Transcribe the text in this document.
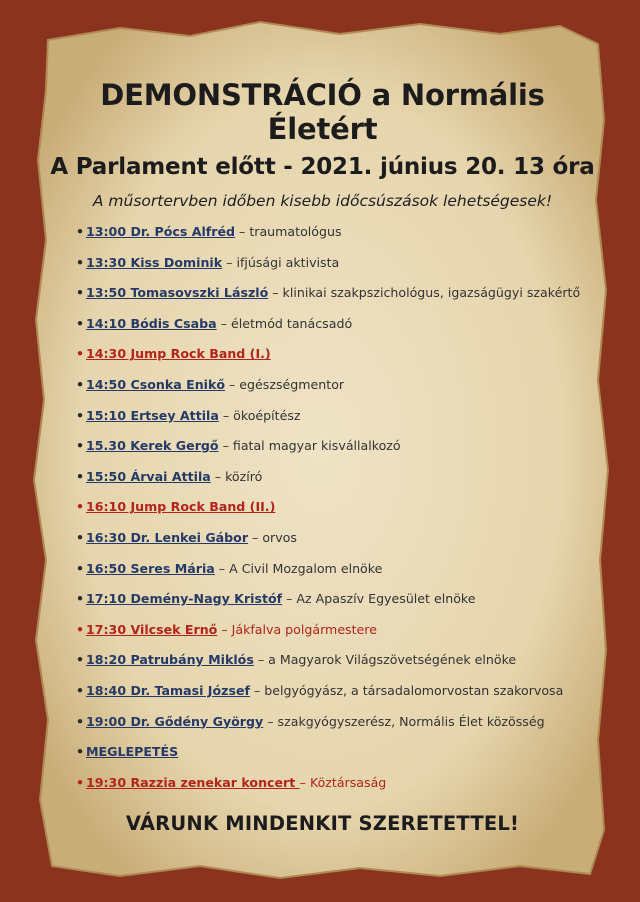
DEMONSTRÁCIÓ a Normális Életért
A Parlament előtt - 2021. június 20. 13 óra
A műsortervben időben kisebb időcsúszások lehetségesek!
• 13:00 Dr. Pócs Alfréd – traumatológus
• 13:30 Kiss Dominik – ifjúsági aktivista
• 13:50 Tomasovszki László – klinikai szakpszichológus, igazságügyi szakértő
• 14:10 Bódis Csaba – életmód tanácsadó
• 14:30 Jump Rock Band (I.)
• 14:50 Csonka Enikő – egészségmentor
• 15:10 Ertsey Attila – ökoépítész
• 15.30 Kerek Gergő – fiatal magyar kisvállalkozó
• 15:50 Árvai Attila – közíró
• 16:10 Jump Rock Band (II.)
• 16:30 Dr. Lenkei Gábor – orvos
• 16:50 Seres Mária – A Civil Mozgalom elnöke
• 17:10 Demény-Nagy Kristóf – Az Apaszív Egyesület elnöke
• 17:30 Vilcsek Ernő – Jákfalva polgármestere
• 18:20 Patrubány Miklós – a Magyarok Világszövetségének elnöke
• 18:40 Dr. Tamasi József – belgyógyász, a társadalomorvostan szakorvosa
• 19:00 Dr. Gődény György – szakgyógyszerész, Normális Élet közösség
• MEGLEPETÉS
• 19:30 Razzia zenekar koncert – Köztársaság
VÁRUNK MINDENKIT SZERETETTEL!
